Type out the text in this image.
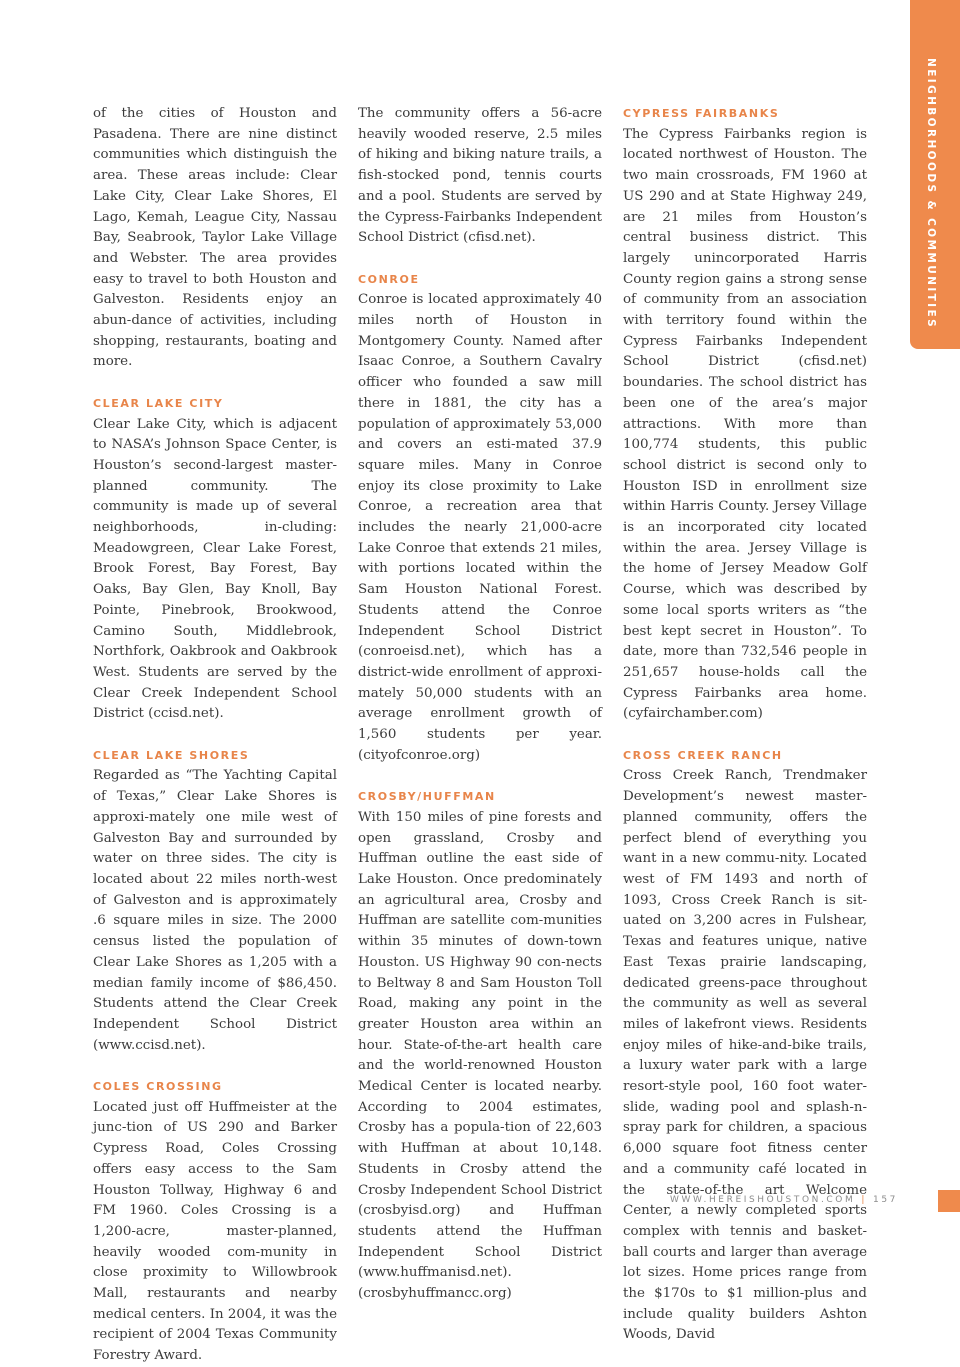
NEIGHBORHOODS & COMMUNITIES

of the cities of Houston and Pasadena. There are nine distinct communities which distinguish the area. These areas include: Clear Lake City, Clear Lake Shores, El Lago, Kemah, League City, Nassau Bay, Seabrook, Taylor Lake Village and Webster. The area provides easy to travel to both Houston and Galveston. Residents enjoy an abun-dance of activities, including shopping, restaurants, boating and more.

CLEAR LAKE CITY

Clear Lake City, which is adjacent to NASA’s Johnson Space Center, is Houston’s second-largest master-planned community. The community is made up of several neighborhoods, in-cluding: Meadowgreen, Clear Lake Forest, Brook Forest, Bay Forest, Bay Oaks, Bay Glen, Bay Knoll, Bay Pointe, Pinebrook, Brookwood, Camino South, Middlebrook, Northfork, Oakbrook and Oakbrook West. Students are served by the Clear Creek Independent School District (ccisd.net).

CLEAR LAKE SHORES

Regarded as “The Yachting Capital of Texas,” Clear Lake Shores is approxi-mately one mile west of Galveston Bay and surrounded by water on three sides. The city is located about 22 miles north-west of Galveston and is approximately .6 square miles in size. The 2000 census listed the population of Clear Lake Shores as 1,205 with a median family income of $86,450. Students attend the Clear Creek Independent School District (www.ccisd.net).

COLES CROSSING

Located just off Huffmeister at the junc-tion of US 290 and Barker Cypress Road, Coles Crossing offers easy access to the Sam Houston Tollway, Highway 6 and FM 1960. Coles Crossing is a 1,200-acre, master-planned, heavily wooded com-munity in close proximity to Willowbrook Mall, restaurants and nearby medical centers. In 2004, it was the recipient of 2004 Texas Community Forestry Award.

The community offers a 56-acre heavily wooded reserve, 2.5 miles of hiking and biking nature trails, a fish-stocked pond, tennis courts and a pool. Students are served by the Cypress-Fairbanks Independent School District (cfisd.net).

CONROE

Conroe is located approximately 40 miles north of Houston in Montgomery County. Named after Isaac Conroe, a Southern Cavalry officer who founded a saw mill there in 1881, the city has a population of approximately 53,000 and covers an esti-mated 37.9 square miles. Many in Conroe enjoy its close proximity to Lake Conroe, a recreation area that includes the nearly 21,000-acre Lake Conroe that extends 21 miles, with portions located within the Sam Houston National Forest. Students attend the Conroe Independent School District (conroeisd.net), which has a district-wide enrollment of approxi-mately 50,000 students with an average enrollment growth of 1,560 students per year. (cityofconroe.org)

CROSBY/HUFFMAN

With 150 miles of pine forests and open grassland, Crosby and Huffman outline the east side of Lake Houston. Once predominately an agricultural area, Crosby and Huffman are satellite com-munities within 35 minutes of down-town Houston. US Highway 90 con-nects to Beltway 8 and Sam Houston Toll Road, making any point in the greater Houston area within an hour. State-of-the-art health care and the world-renowned Houston Medical Center is located nearby. According to 2004 estimates, Crosby has a popula-tion of 22,603 with Huffman at about 10,148. Students in Crosby attend the Crosby Independent School District (crosbyisd.org) and Huffman students attend the Huffman Independent School District (www.huffmanisd.net). (crosbyhuffmancc.org)

CYPRESS FAIRBANKS

The Cypress Fairbanks region is located northwest of Houston. The two main crossroads, FM 1960 at US 290 and at State Highway 249, are 21 miles from Houston’s central business district. This largely unincorporated Harris County region gains a strong sense of community from an association with territory found within the Cypress Fairbanks Independent School District (cfisd.net) boundaries. The school district has been one of the area’s major attractions. With more than 100,774 students, this public school district is second only to Houston ISD in enrollment size within Harris County. Jersey Village is an incorporated city located within the area. Jersey Village is the home of Jersey Meadow Golf Course, which was described by some local sports writers as “the best kept secret in Houston”. To date, more than 732,546 people in 251,657 house-holds call the Cypress Fairbanks area home. (cyfairchamber.com)

CROSS CREEK RANCH

Cross Creek Ranch, Trendmaker Development’s newest master-planned community, offers the perfect blend of everything you want in a new commu-nity. Located west of FM 1493 and north of 1093, Cross Creek Ranch is sit-uated on 3,200 acres in Fulshear, Texas and features unique, native East Texas prairie landscaping, dedicated greens-pace throughout the community as well as several miles of lakefront views. Residents enjoy miles of hike-and-bike trails, a luxury water park with a large resort-style pool, 160 foot water-slide, wading pool and splash-n-spray park for children, a spacious 6,000 square foot fitness center and a community café located in the state-of-the art Welcome Center, a newly completed sports complex with tennis and basket-ball courts and larger than average lot sizes. Home prices range from the $170s to $1 million-plus and include quality builders Ashton Woods, David

WWW.HEREISHOUSTON.COM | 157
